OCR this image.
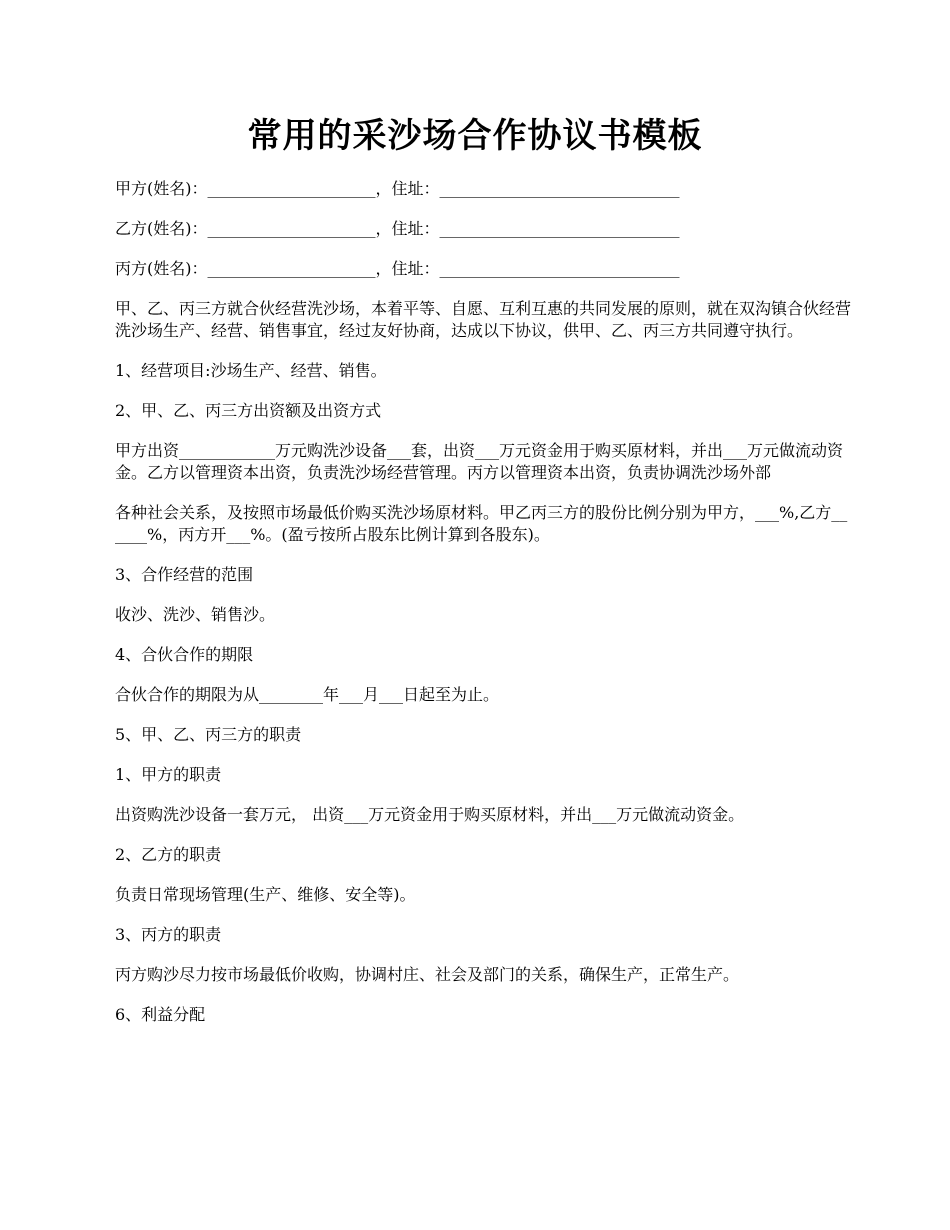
常用的采沙场合作协议书模板

甲方(姓名)：_____________________，住址：______________________________

乙方(姓名)：_____________________，住址：______________________________

丙方(姓名)：_____________________，住址：______________________________

甲、乙、丙三方就合伙经营洗沙场，本着平等、自愿、互利互惠的共同发展的原则，就在双沟镇合伙经营洗沙场生产、经营、销售事宜，经过友好协商，达成以下协议，供甲、乙、丙三方共同遵守执行。

1、经营项目:沙场生产、经营、销售。

2、甲、乙、丙三方出资额及出资方式

甲方出资____________万元购洗沙设备___套，出资___万元资金用于购买原材料，并出___万元做流动资金。乙方以管理资本出资，负责洗沙场经营管理。丙方以管理资本出资，负责协调洗沙场外部

各种社会关系，及按照市场最低价购买洗沙场原材料。甲乙丙三方的股份比例分别为甲方，___%,乙方______%，丙方开___%。(盈亏按所占股东比例计算到各股东)。

3、合作经营的范围

收沙、洗沙、销售沙。

4、合伙合作的期限

合伙合作的期限为从________年___月___日起至为止。

5、甲、乙、丙三方的职责

1、甲方的职责

出资购洗沙设备一套万元， 出资___万元资金用于购买原材料，并出___万元做流动资金。

2、乙方的职责

负责日常现场管理(生产、维修、安全等)。

3、丙方的职责

丙方购沙尽力按市场最低价收购，协调村庄、社会及部门的关系，确保生产，正常生产。

6、利益分配
